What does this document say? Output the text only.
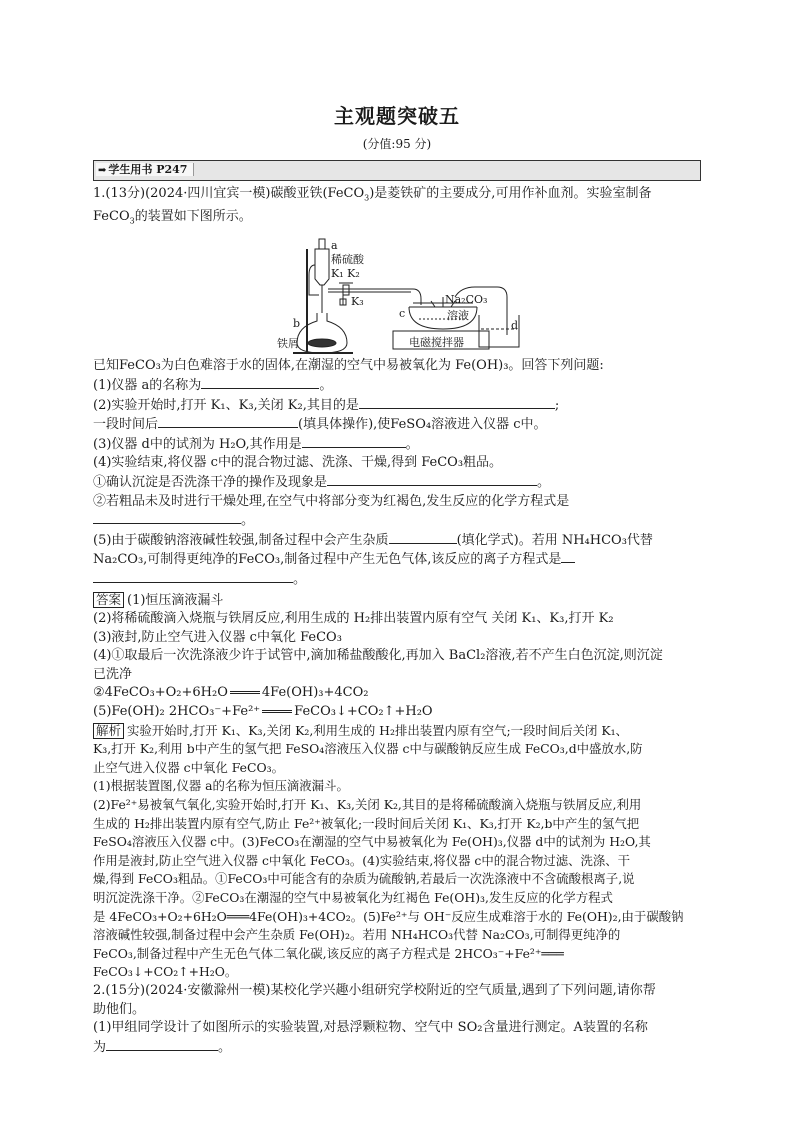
主观题突破五
(分值:95 分)
➡ 学生用书 P247

1.(13分)(2024·四川宜宾一模)碳酸亚铁(FeCO$_3$)是菱铁矿的主要成分,可用作补血剂。实验室制备

FeCO$_3$的装置如下图所示。

a
稀硫酸
K₁ K₂
K₃
b
c
铁屑
Na₂CO₃
溶液
d
电磁搅拌器

已知FeCO₃为白色难溶于水的固体,在潮湿的空气中易被氧化为 Fe(OH)₃。回答下列问题:

(1)仪器 a的名称为	。

(2)实验开始时,打开 K₁、K₃,关闭 K₂,其目的是	;

一段时间后	(填具体操作),使FeSO₄溶液进入仪器 c中。

(3)仪器 d中的试剂为 H₂O,其作用是	。

(4)实验结束,将仪器 c中的混合物过滤、洗涤、干燥,得到 FeCO₃粗品。

①确认沉淀是否洗涤干净的操作及现象是	。

②若粗品未及时进行干燥处理,在空气中将部分变为红褐色,发生反应的化学方程式是

。

(5)由于碳酸钠溶液碱性较强,制备过程中会产生杂质	(填化学式)。若用 NH₄HCO₃代替

Na₂CO₃,可制得更纯净的FeCO₃,制备过程中产生无色气体,该反应的离子方程式是

。

答案 (1)恒压滴液漏斗

(2)将稀硫酸滴入烧瓶与铁屑反应,利用生成的 H₂排出装置内原有空气 关闭 K₁、K₃,打开 K₂

(3)液封,防止空气进入仪器 c中氧化 FeCO₃

(4)①取最后一次洗涤液少许于试管中,滴加稀盐酸酸化,再加入 BaCl₂溶液,若不产生白色沉淀,则沉淀

已洗净

②4FeCO₃+O₂+6H₂O	4Fe(OH)₃+4CO₂

(5)Fe(OH)₂ 2HCO₃⁻+Fe²⁺	FeCO₃↓+CO₂↑+H₂O

解析 实验开始时,打开 K₁、K₃,关闭 K₂,利用生成的 H₂排出装置内原有空气;一段时间后关闭 K₁、

K₃,打开 K₂,利用 b中产生的氢气把 FeSO₄溶液压入仪器 c中与碳酸钠反应生成 FeCO₃,d中盛放水,防

止空气进入仪器 c中氧化 FeCO₃。

(1)根据装置图,仪器 a的名称为恒压滴液漏斗。

(2)Fe²⁺易被氧气氧化,实验开始时,打开 K₁、K₃,关闭 K₂,其目的是将稀硫酸滴入烧瓶与铁屑反应,利用

生成的 H₂排出装置内原有空气,防止 Fe²⁺被氧化;一段时间后关闭 K₁、K₃,打开 K₂,b中产生的氢气把

FeSO₄溶液压入仪器 c中。(3)FeCO₃在潮湿的空气中易被氧化为 Fe(OH)₃,仪器 d中的试剂为 H₂O,其

作用是液封,防止空气进入仪器 c中氧化 FeCO₃。(4)实验结束,将仪器 c中的混合物过滤、洗涤、干

燥,得到 FeCO₃粗品。①FeCO₃中可能含有的杂质为硫酸钠,若最后一次洗涤液中不含硫酸根离子,说

明沉淀洗涤干净。②FeCO₃在潮湿的空气中易被氧化为红褐色 Fe(OH)₃,发生反应的化学方程式

是 4FeCO₃+O₂+6H₂O═══4Fe(OH)₃+4CO₂。(5)Fe²⁺与 OH⁻反应生成难溶于水的 Fe(OH)₂,由于碳酸钠

溶液碱性较强,制备过程中会产生杂质 Fe(OH)₂。若用 NH₄HCO₃代替 Na₂CO₃,可制得更纯净的

FeCO₃,制备过程中产生无色气体二氧化碳,该反应的离子方程式是 2HCO₃⁻+Fe²⁺═══

FeCO₃↓+CO₂↑+H₂O。

2.(15分)(2024·安徽滁州一模)某校化学兴趣小组研究学校附近的空气质量,遇到了下列问题,请你帮

助他们。

(1)甲组同学设计了如图所示的实验装置,对悬浮颗粒物、空气中 SO₂含量进行测定。A装置的名称

为	。
